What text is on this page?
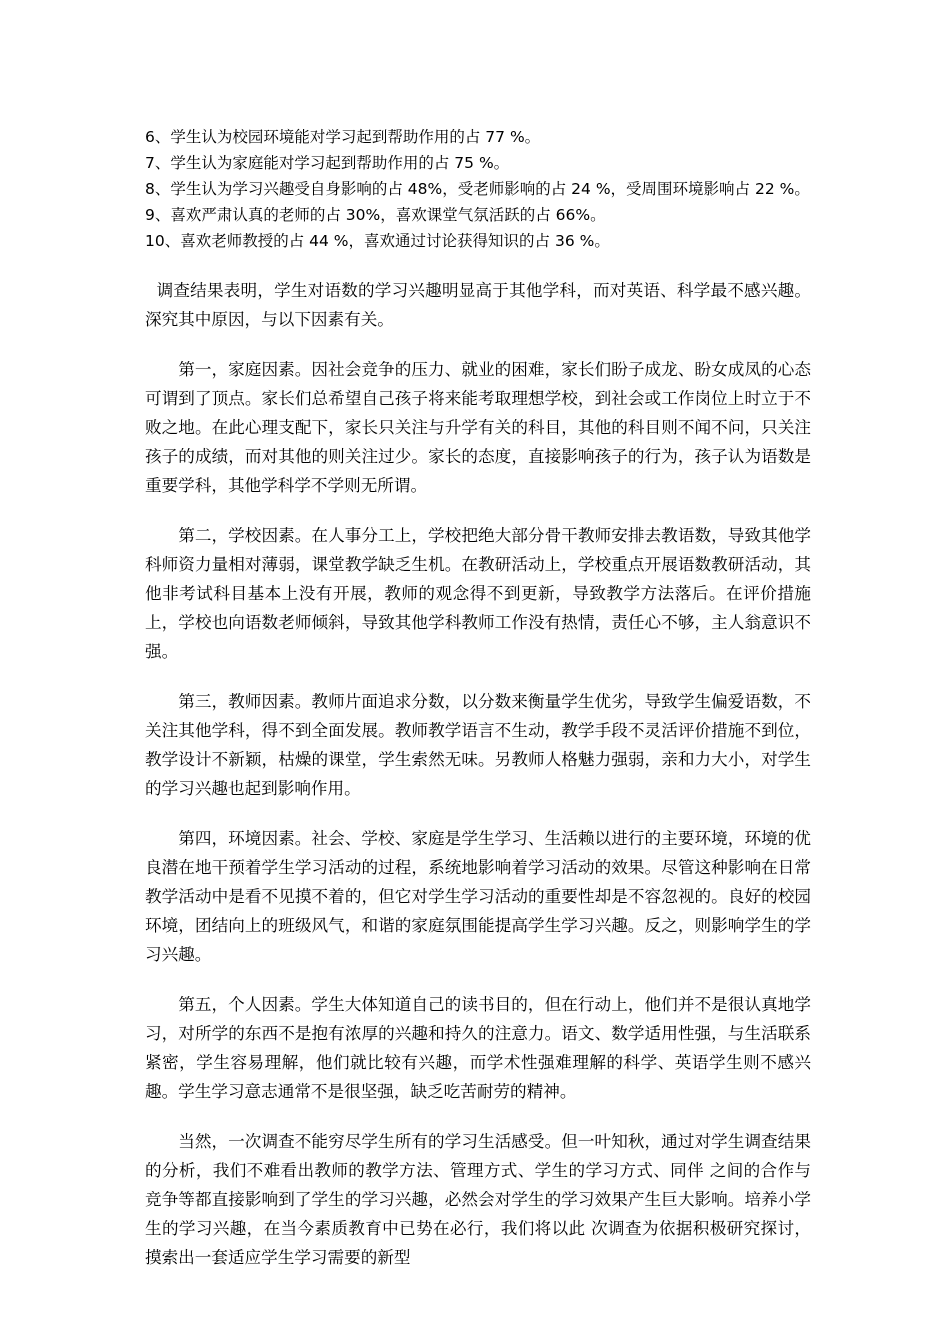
6、学生认为校园环境能对学习起到帮助作用的占 77 %。

7、学生认为家庭能对学习起到帮助作用的占 75 %。

8、学生认为学习兴趣受自身影响的占 48%，受老师影响的占 24 %，受周围环境影响占 22 %。

9、喜欢严肃认真的老师的占 30%，喜欢课堂气氛活跃的占 66%。

10、喜欢老师教授的占 44 %，喜欢通过讨论获得知识的占 36 %。

调查结果表明，学生对语数的学习兴趣明显高于其他学科，而对英语、科学最不感兴趣。深究其中原因，与以下因素有关。

第一，家庭因素。因社会竞争的压力、就业的困难，家长们盼子成龙、盼女成凤的心态可谓到了顶点。家长们总希望自己孩子将来能考取理想学校，到社会或工作岗位上时立于不败之地。在此心理支配下，家长只关注与升学有关的科目，其他的科目则不闻不问，只关注孩子的成绩，而对其他的则关注过少。家长的态度，直接影响孩子的行为，孩子认为语数是重要学科，其他学科学不学则无所谓。

第二，学校因素。在人事分工上，学校把绝大部分骨干教师安排去教语数，导致其他学科师资力量相对薄弱，课堂教学缺乏生机。在教研活动上，学校重点开展语数教研活动，其他非考试科目基本上没有开展，教师的观念得不到更新，导致教学方法落后。在评价措施上，学校也向语数老师倾斜，导致其他学科教师工作没有热情，责任心不够，主人翁意识不强。

第三，教师因素。教师片面追求分数，以分数来衡量学生优劣，导致学生偏爱语数，不关注其他学科，得不到全面发展。教师教学语言不生动，教学手段不灵活评价措施不到位，教学设计不新颖，枯燥的课堂，学生索然无味。另教师人格魅力强弱，亲和力大小，对学生的学习兴趣也起到影响作用。

第四，环境因素。社会、学校、家庭是学生学习、生活赖以进行的主要环境，环境的优良潜在地干预着学生学习活动的过程，系统地影响着学习活动的效果。尽管这种影响在日常教学活动中是看不见摸不着的，但它对学生学习活动的重要性却是不容忽视的。良好的校园环境，团结向上的班级风气，和谐的家庭氛围能提高学生学习兴趣。反之，则影响学生的学习兴趣。

第五，个人因素。学生大体知道自己的读书目的，但在行动上，他们并不是很认真地学习，对所学的东西不是抱有浓厚的兴趣和持久的注意力。语文、数学适用性强，与生活联系紧密，学生容易理解，他们就比较有兴趣，而学术性强难理解的科学、英语学生则不感兴趣。学生学习意志通常不是很坚强，缺乏吃苦耐劳的精神。

当然，一次调查不能穷尽学生所有的学习生活感受。但一叶知秋，通过对学生调查结果的分析，我们不难看出教师的教学方法、管理方式、学生的学习方式、同伴 之间的合作与竞争等都直接影响到了学生的学习兴趣，必然会对学生的学习效果产生巨大影响。培养小学生的学习兴趣，在当今素质教育中已势在必行，我们将以此 次调查为依据积极研究探讨，摸索出一套适应学生学习需要的新型
